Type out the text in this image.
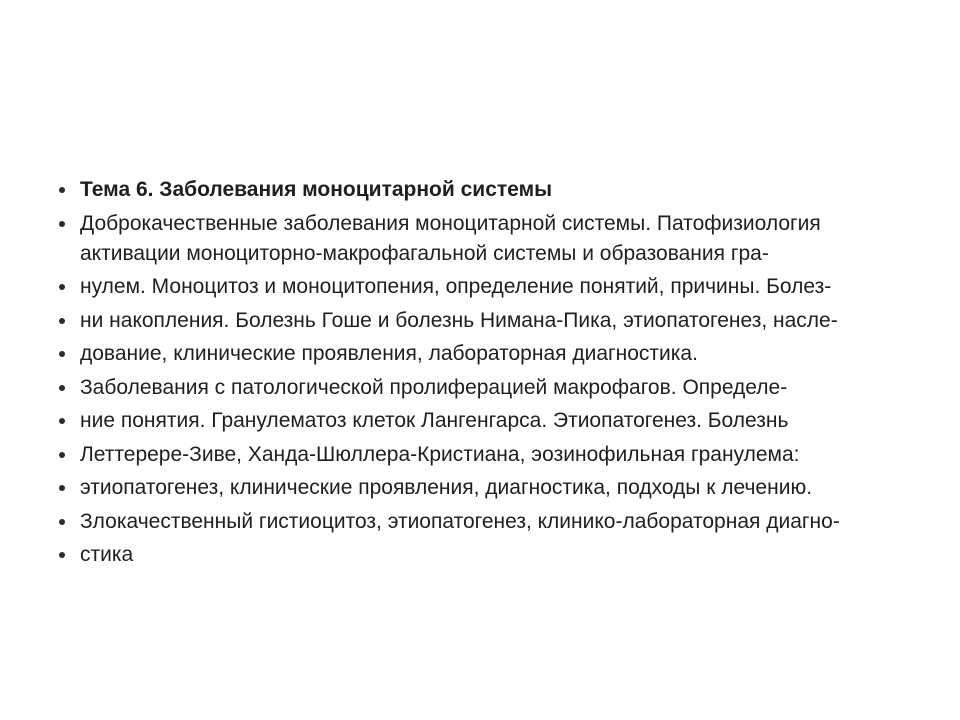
Тема 6. Заболевания моноцитарной системы
Доброкачественные заболевания моноцитарной системы. Патофизиология
активации моноциторно-макрофагальной системы и образования гра-
нулем. Моноцитоз и моноцитопения, определение понятий, причины. Болез-
ни накопления. Болезнь Гоше и болезнь Нимана-Пика, этиопатогенез, насле-
дование, клинические проявления, лабораторная диагностика.
Заболевания с патологической пролиферацией макрофагов. Определе-
ние понятия. Гранулематоз клеток Лангенгарса. Этиопатогенез. Болезнь
Леттерере-Зиве, Ханда-Шюллера-Кристиана, эозинофильная гранулема:
этиопатогенез, клинические проявления, диагностика, подходы к лечению.
Злокачественный гистиоцитоз, этиопатогенез, клинико-лабораторная диагно-
стика
